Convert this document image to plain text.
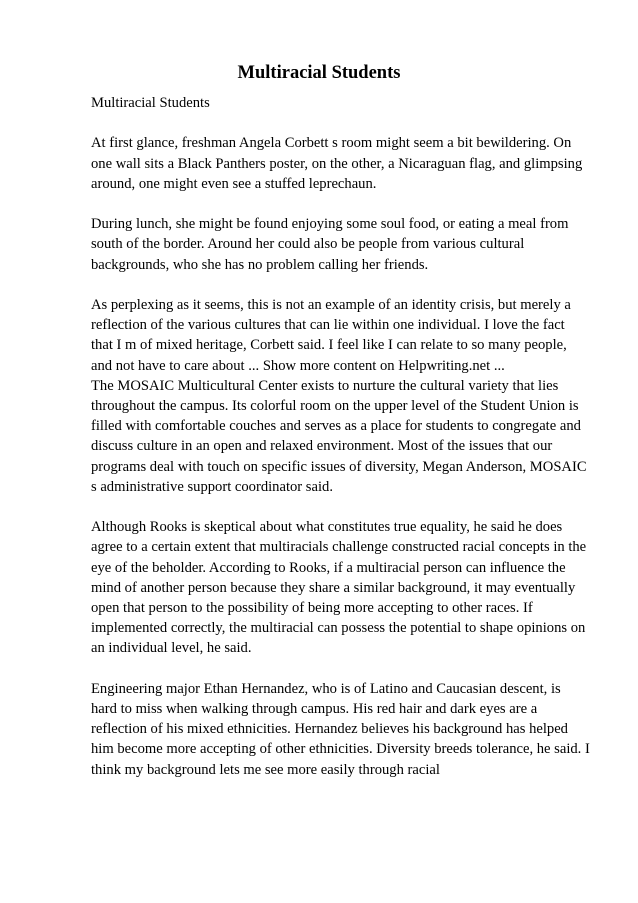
Multiracial Students

Multiracial Students

At first glance, freshman Angela Corbett s room might seem a bit bewildering. On
one wall sits a Black Panthers poster, on the other, a Nicaraguan flag, and glimpsing
around, one might even see a stuffed leprechaun.

During lunch, she might be found enjoying some soul food, or eating a meal from
south of the border. Around her could also be people from various cultural
backgrounds, who she has no problem calling her friends.

As perplexing as it seems, this is not an example of an identity crisis, but merely a
reflection of the various cultures that can lie within one individual. I love the fact
that I m of mixed heritage, Corbett said. I feel like I can relate to so many people,
and not have to care about ... Show more content on Helpwriting.net ...
The MOSAIC Multicultural Center exists to nurture the cultural variety that lies
throughout the campus. Its colorful room on the upper level of the Student Union is
filled with comfortable couches and serves as a place for students to congregate and
discuss culture in an open and relaxed environment. Most of the issues that our
programs deal with touch on specific issues of diversity, Megan Anderson, MOSAIC
s administrative support coordinator said.

Although Rooks is skeptical about what constitutes true equality, he said he does
agree to a certain extent that multiracials challenge constructed racial concepts in the
eye of the beholder. According to Rooks, if a multiracial person can influence the
mind of another person because they share a similar background, it may eventually
open that person to the possibility of being more accepting to other races. If
implemented correctly, the multiracial can possess the potential to shape opinions on
an individual level, he said.

Engineering major Ethan Hernandez, who is of Latino and Caucasian descent, is
hard to miss when walking through campus. His red hair and dark eyes are a
reflection of his mixed ethnicities. Hernandez believes his background has helped
him become more accepting of other ethnicities. Diversity breeds tolerance, he said. I
think my background lets me see more easily through racial
